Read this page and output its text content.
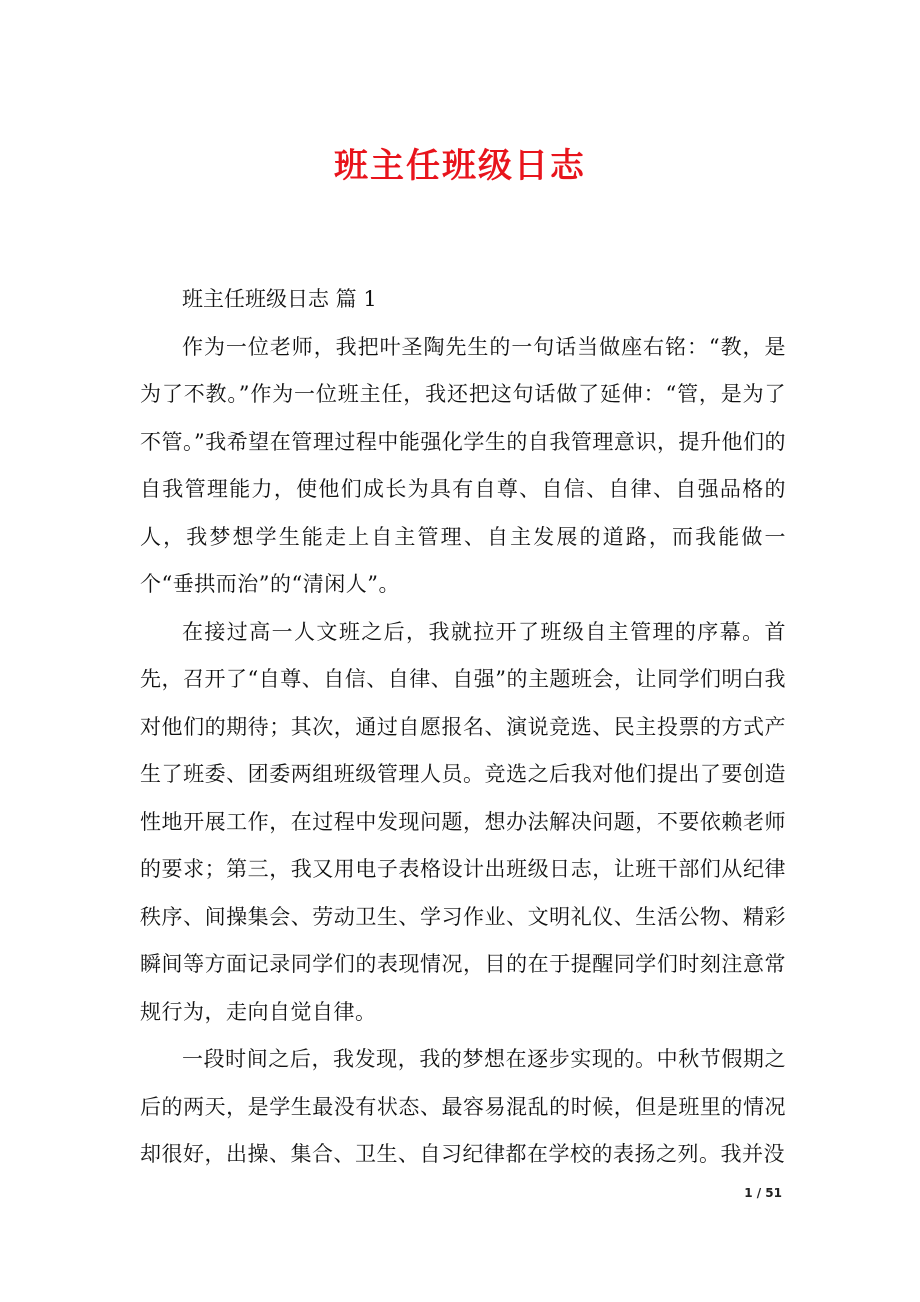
班主任班级日志

班主任班级日志 篇 1

作为一位老师，我把叶圣陶先生的一句话当做座右铭：“教，是为了不教。”作为一位班主任，我还把这句话做了延伸：“管，是为了不管。”我希望在管理过程中能强化学生的自我管理意识，提升他们的自我管理能力，使他们成长为具有自尊、自信、自律、自强品格的人，我梦想学生能走上自主管理、自主发展的道路，而我能做一个“垂拱而治”的“清闲人”。

在接过高一人文班之后，我就拉开了班级自主管理的序幕。首先，召开了“自尊、自信、自律、自强”的主题班会，让同学们明白我对他们的期待；其次，通过自愿报名、演说竞选、民主投票的方式产生了班委、团委两组班级管理人员。竞选之后我对他们提出了要创造性地开展工作，在过程中发现问题，想办法解决问题，不要依赖老师的要求；第三，我又用电子表格设计出班级日志，让班干部们从纪律秩序、间操集会、劳动卫生、学习作业、文明礼仪、生活公物、精彩瞬间等方面记录同学们的表现情况，目的在于提醒同学们时刻注意常规行为，走向自觉自律。

一段时间之后，我发现，我的梦想在逐步实现的。中秋节假期之后的两天，是学生最没有状态、最容易混乱的时候，但是班里的情况却很好，出操、集合、卫生、自习纪律都在学校的表扬之列。我并没

1 / 51
